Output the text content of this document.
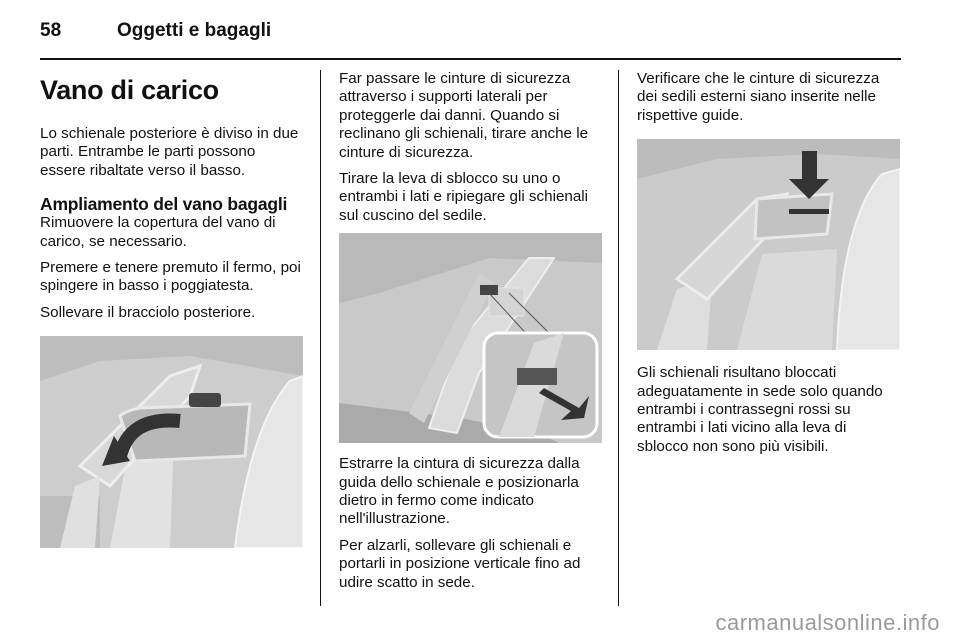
58	Oggetti e bagagli
Vano di carico

Lo schienale posteriore è diviso in due parti. Entrambe le parti possono essere ribaltate verso il basso.

Ampliamento del vano bagagli

Rimuovere la copertura del vano di carico, se necessario.

Premere e tenere premuto il fermo, poi spingere in basso i poggiatesta.

Sollevare il bracciolo posteriore.

Far passare le cinture di sicurezza attraverso i supporti laterali per proteggerle dai danni. Quando si reclinano gli schienali, tirare anche le cinture di sicurezza.

Tirare la leva di sblocco su uno o entrambi i lati e ripiegare gli schienali sul cuscino del sedile.

Estrarre la cintura di sicurezza dalla guida dello schienale e posizionarla dietro in fermo come indicato nell'illustrazione.

Per alzarli, sollevare gli schienali e portarli in posizione verticale fino ad udire scatto in sede.

Verificare che le cinture di sicurezza dei sedili esterni siano inserite nelle rispettive guide.

Gli schienali risultano bloccati adeguatamente in sede solo quando entrambi i contrassegni rossi su entrambi i lati vicino alla leva di sblocco non sono più visibili.

carmanualsonline.info
